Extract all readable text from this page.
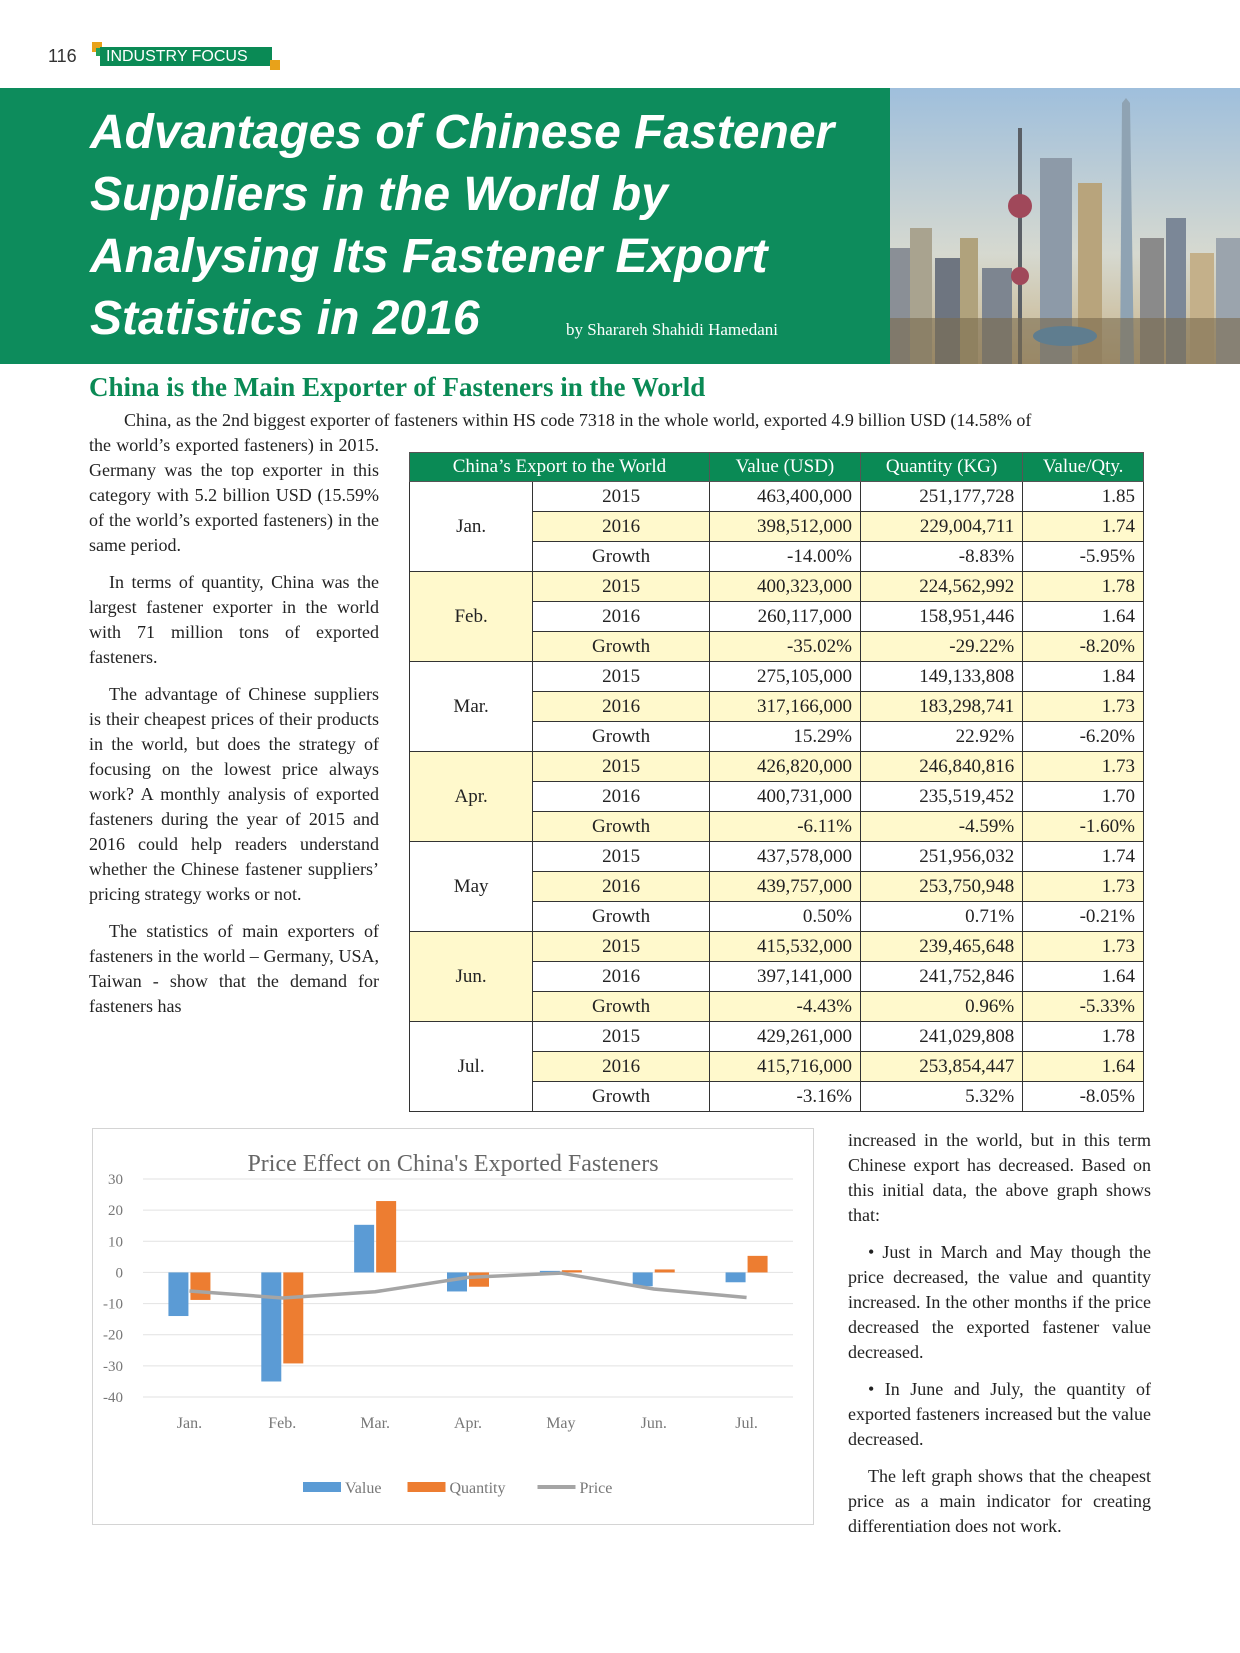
116	INDUSTRY FOCUS
Advantages of Chinese Fastener Suppliers in the World by Analysing Its Fastener Export Statistics in 2016	by Sharareh Shahidi Hamedani
China is the Main Exporter of Fasteners in the World

China, as the 2nd biggest exporter of fasteners within HS code 7318 in the whole world, exported 4.9 billion USD (14.58% of

the world’s exported fasteners) in 2015. Germany was the top exporter in this category with 5.2 billion USD (15.59% of the world’s exported fasteners) in the same period.

In terms of quantity, China was the largest fastener exporter in the world with 71 million tons of exported fasteners.

The advantage of Chinese suppliers is their cheapest prices of their products in the world, but does the strategy of focusing on the lowest price always work? A monthly analysis of exported fasteners during the year of 2015 and 2016 could help readers understand whether the Chinese fastener suppliers’ pricing strategy works or not.

The statistics of main exporters of fasteners in the world – Germany, USA, Taiwan - show that the demand for fasteners has

China’s Export to the World		Value (USD)	Quantity (KG)	Value/Qty.
Jan.	2015	463,400,000	251,177,728	1.85
	2016	398,512,000	229,004,711	1.74
	Growth	-14.00%	-8.83%	-5.95%
Feb.	2015	400,323,000	224,562,992	1.78
	2016	260,117,000	158,951,446	1.64
	Growth	-35.02%	-29.22%	-8.20%
Mar.	2015	275,105,000	149,133,808	1.84
	2016	317,166,000	183,298,741	1.73
	Growth	15.29%	22.92%	-6.20%
Apr.	2015	426,820,000	246,840,816	1.73
	2016	400,731,000	235,519,452	1.70
	Growth	-6.11%	-4.59%	-1.60%
May	2015	437,578,000	251,956,032	1.74
	2016	439,757,000	253,750,948	1.73
	Growth	0.50%	0.71%	-0.21%
Jun.	2015	415,532,000	239,465,648	1.73
	2016	397,141,000	241,752,846	1.64
	Growth	-4.43%	0.96%	-5.33%
Jul.	2015	429,261,000	241,029,808	1.78
	2016	415,716,000	253,854,447	1.64
	Growth	-3.16%	5.32%	-8.05%
Price Effect on China's Exported Fasteners
30
20
10
0
-10
-20
-30
-40
Jan.	Feb.	Mar.	Apr.	May	Jun.	Jul.
Value	Quantity	Price

increased in the world, but in this term Chinese export has decreased. Based on this initial data, the above graph shows that:

• Just in March and May though the price decreased, the value and quantity increased. In the other months if the price decreased the exported fastener value decreased.

• In June and July, the quantity of exported fasteners increased but the value decreased.

The left graph shows that the cheapest price as a main indicator for creating differentiation does not work.
